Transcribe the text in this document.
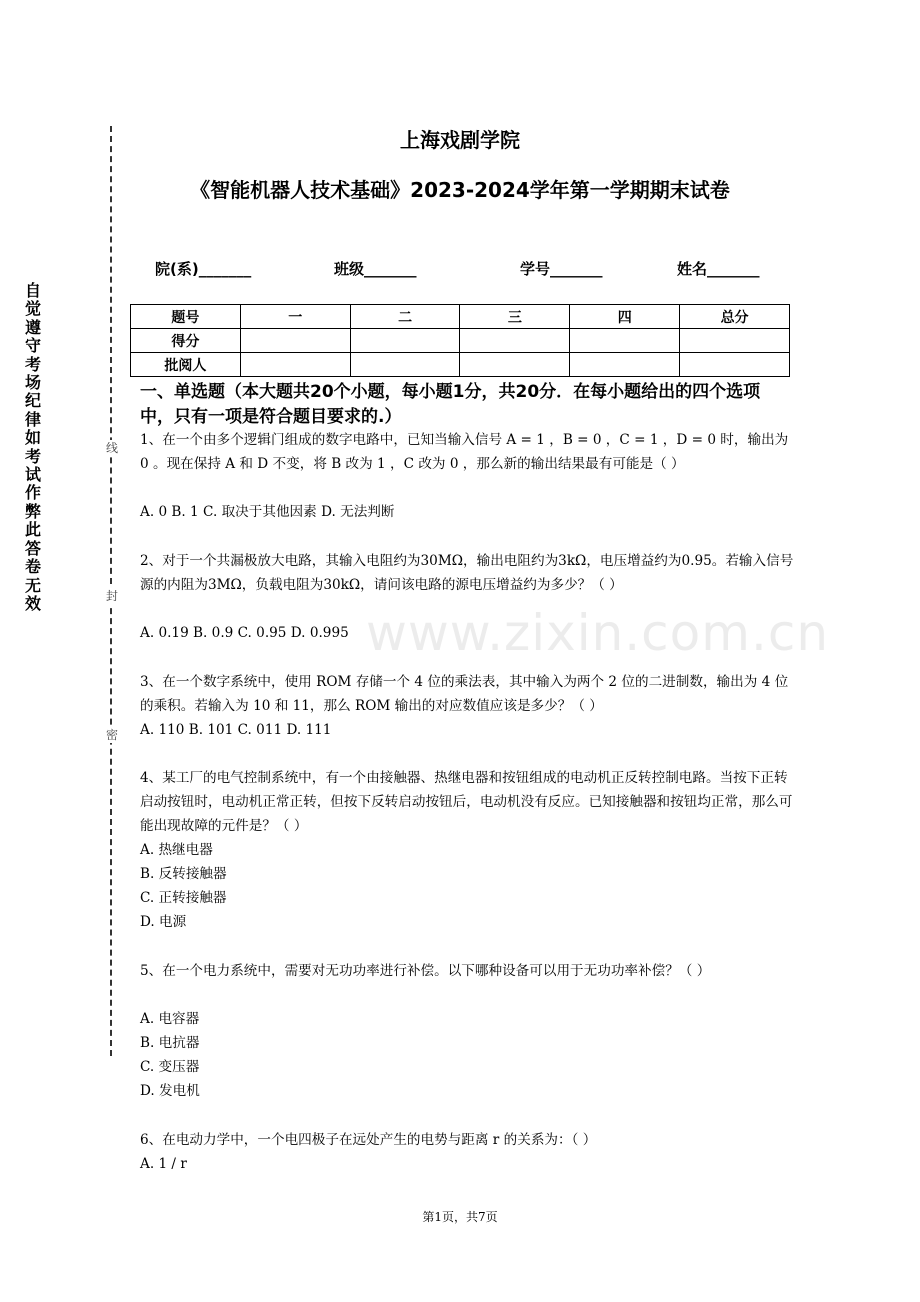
自觉遵守考场纪律如考试作弊此答卷无效
线
封
密
www.zixin.com.cn
上海戏剧学院
《智能机器人技术基础》2023-2024学年第一学期期末试卷
院(系)_______	班级_______	学号_______	姓名_______
题号	一	二	三	四	总分
得分					
批阅人					
一、单选题（本大题共20个小题，每小题1分，共20分．在每小题给出的四个选项中，只有一项是符合题目要求的.）
1、在一个由多个逻辑门组成的数字电路中，已知当输入信号 A = 1 ，B = 0 ，C = 1 ，D = 0 时，输出为 0 。现在保持 A 和 D 不变，将 B 改为 1 ，C 改为 0 ，那么新的输出结果最有可能是（ ）
A. 0 B. 1 C. 取决于其他因素 D. 无法判断
2、对于一个共漏极放大电路，其输入电阻约为30MΩ，输出电阻约为3kΩ，电压增益约为0.95。若输入信号源的内阻为3MΩ，负载电阻为30kΩ，请问该电路的源电压增益约为多少？（ ）
A. 0.19 B. 0.9 C. 0.95 D. 0.995
3、在一个数字系统中，使用 ROM 存储一个 4 位的乘法表，其中输入为两个 2 位的二进制数，输出为 4 位的乘积。若输入为 10 和 11，那么 ROM 输出的对应数值应该是多少？（ ）
A. 110 B. 101 C. 011 D. 111
4、某工厂的电气控制系统中，有一个由接触器、热继电器和按钮组成的电动机正反转控制电路。当按下正转启动按钮时，电动机正常正转，但按下反转启动按钮后，电动机没有反应。已知接触器和按钮均正常，那么可能出现故障的元件是？（ ）
A. 热继电器
B. 反转接触器
C. 正转接触器
D. 电源
5、在一个电力系统中，需要对无功功率进行补偿。以下哪种设备可以用于无功功率补偿？（ ）
A. 电容器
B. 电抗器
C. 变压器
D. 发电机
6、在电动力学中，一个电四极子在远处产生的电势与距离 r 的关系为：（ ）
A. 1 / r
第1页，共7页
